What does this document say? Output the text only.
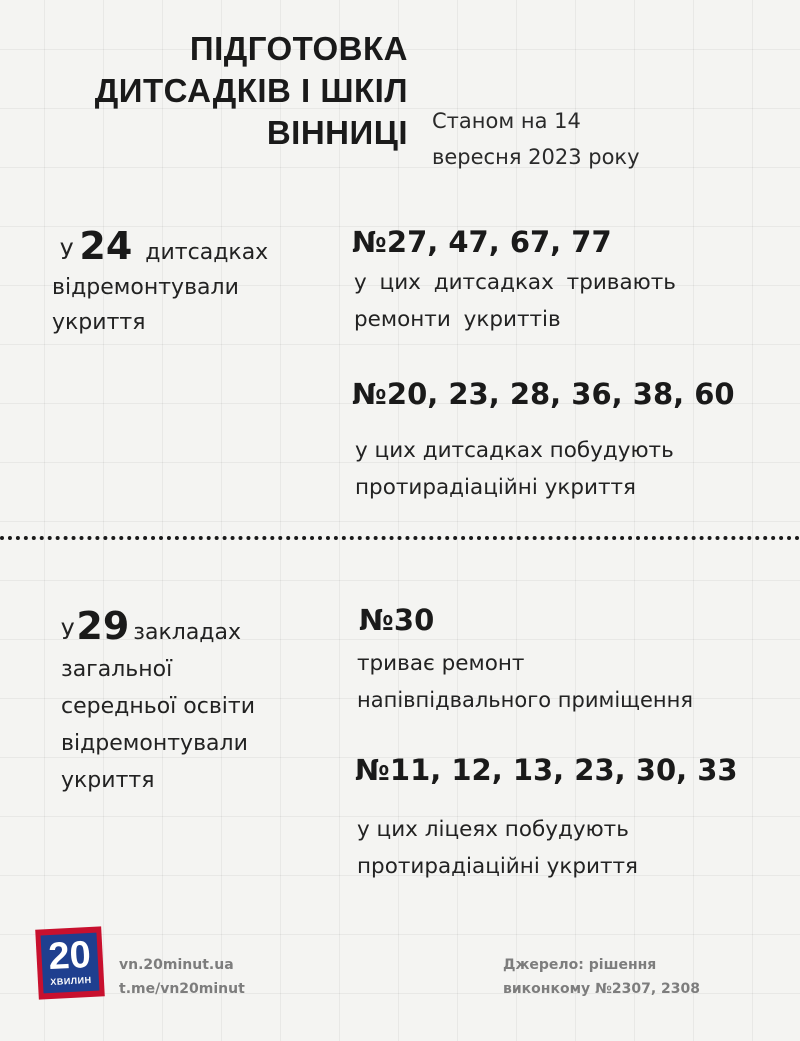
ПІДГОТОВКА
ДИТСАДКІВ І ШКІЛ
ВІННИЦІ Станом на 14
вересня 2023 року
У 24 дитсадках
відремонтували
укриття
№27, 47, 67, 77
у цих дитсадках тривають
ремонти укриттів
№20, 23, 28, 36, 38, 60
у цих дитсадках побудують
протирадіаційні укриття
У29 закладах
загальної
середньої освіти
відремонтували
укриття
№30
триває ремонт
напівпідвального приміщення
№11, 12, 13, 23, 30, 33
у цих ліцеях побудують
протирадіаційні укриття
20
ХВИЛИН
vn.20minut.ua
t.me/vn20minut
Джерело: рішення
виконкому №2307, 2308
